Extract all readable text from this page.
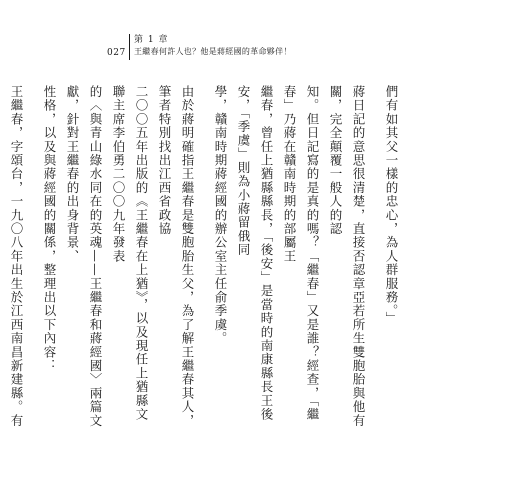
027
第 1 章
王繼春何許人也？他是蔣經國的革命夥伴！

們有如其父一樣的忠心，為人群服務。」

蔣日記的意思很清楚，直接否認章亞若所生雙胞胎與他有關，完全顛覆一般人的認

知。但日記寫的是真的嗎？「繼春」又是誰？經查，「繼春」乃蔣在贛南時期的部屬王

繼春，曾任上猶縣縣長，「後安」是當時的南康縣長王後安，「季虞」則為小蔣留俄同

學，贛南時期蔣經國的辦公室主任俞季虞。

由於蔣明確指王繼春是雙胞胎生父，為了解王繼春其人，筆者特別找出江西省政協

二〇〇五年出版的《王繼春在上猶》，以及現任上猶縣文聯主席李伯勇二〇〇九年發表

的〈與青山綠水同在的英魂——王繼春和蔣經國〉兩篇文獻，針對王繼春的出身背景、

性格，以及與蔣經國的關係，整理出以下內容：

王繼春，字頌台，一九〇八年出生於江西南昌新建縣。有
